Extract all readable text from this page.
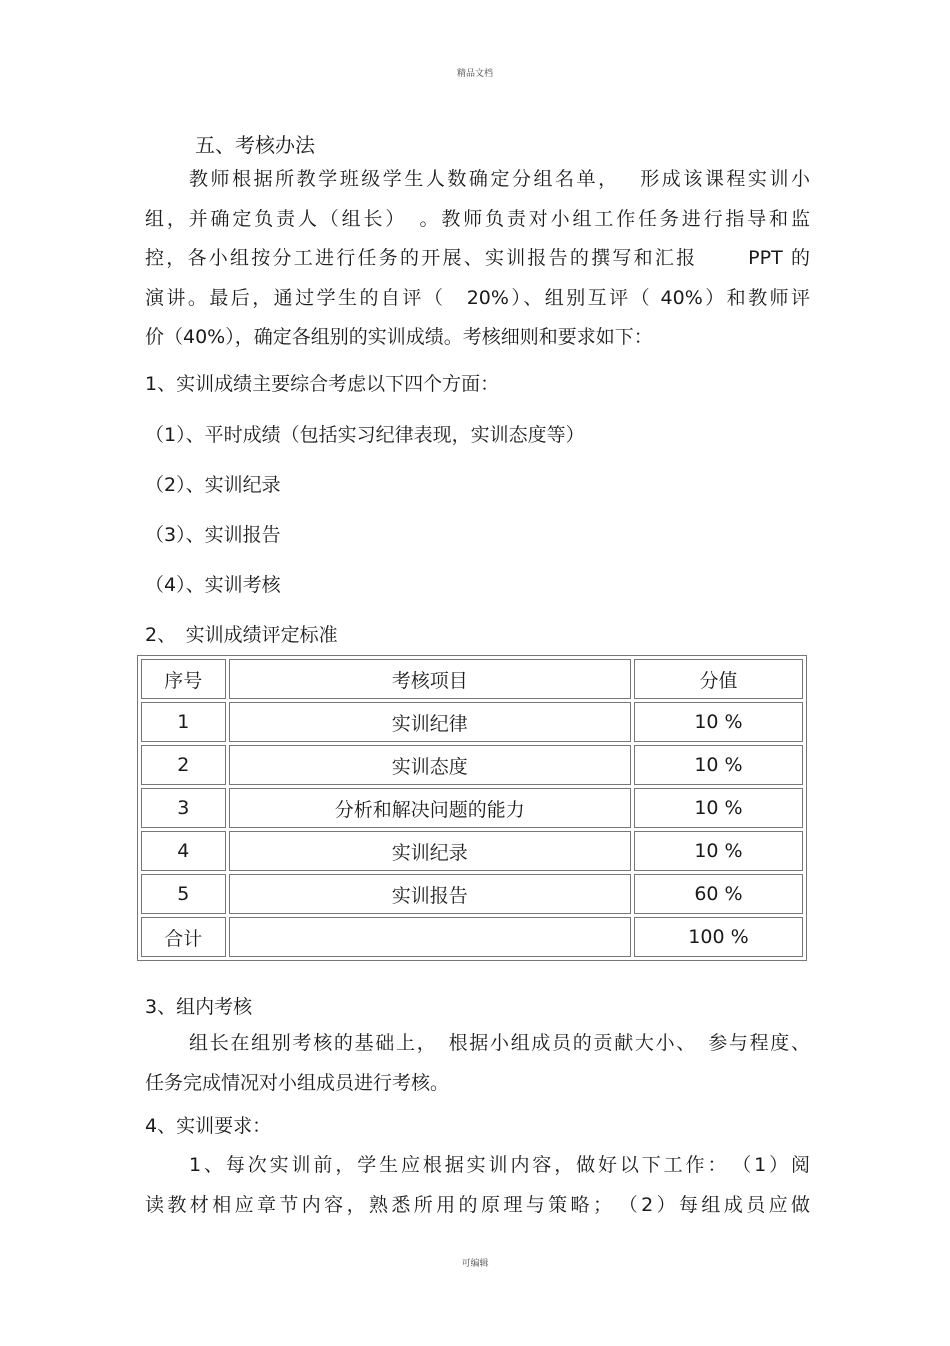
精品文档
五、考核办法
教师根据所教学班级学生人数确定分组名单，　 形成该课程实训小
组，并确定负责人（组长）　。教师负责对小组工作任务进行指导和监
控，各小组按分工进行任务的开展、实训报告的撰写和汇报　　 PPT 的
演讲。最后，通过学生的自评（　20%）、组别互评（ 40%）和教师评
价（40%），确定各组别的实训成绩。考核细则和要求如下：
1、实训成绩主要综合考虑以下四个方面：
（1）、平时成绩（包括实习纪律表现，实训态度等）
（2）、实训纪录
（3）、实训报告
（4）、实训考核
2、　实训成绩评定标准
序号	考核项目	分值
1	实训纪律	10 %
2	实训态度	10 %
3	分析和解决问题的能力	10 %
4	实训纪录	10 %
5	实训报告	60 %
合计		100 %
3、组内考核
组长在组别考核的基础上，　根据小组成员的贡献大小、　参与程度、
任务完成情况对小组成员进行考核。
4、实训要求：
1、每次实训前，学生应根据实训内容，做好以下工作：　（1）阅
读教材相应章节内容，熟悉所用的原理与策略；　（2）每组成员应做
可编辑
